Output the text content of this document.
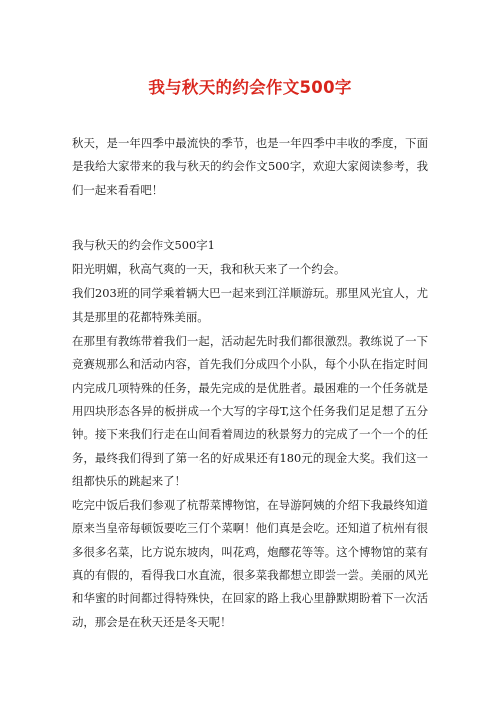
我与秋天的约会作文500字

秋天，是一年四季中最流快的季节，也是一年四季中丰收的季度，下面是我给大家带来的我与秋天的约会作文500字，欢迎大家阅读参考，我们一起来看看吧！

我与秋天的约会作文500字1

阳光明媚，秋高气爽的一天，我和秋天来了一个约会。

我们203班的同学乘着辆大巴一起来到江洋顺游玩。那里风光宜人，尤其是那里的花都特殊美丽。

在那里有教练带着我们一起，活动起先时我们都很激烈。教练说了一下竞赛规那么和活动内容，首先我们分成四个小队，每个小队在指定时间内完成几项特殊的任务，最先完成的是优胜者。最困难的一个任务就是用四块形态各异的板拼成一个大写的字母T,这个任务我们足足想了五分钟。接下来我们行走在山间看着周边的秋景努力的完成了一个一个的任务，最终我们得到了第一名的好成果还有180元的现金大奖。我们这一组都快乐的跳起来了！

吃完中饭后我们参观了杭帮菜博物馆，在导游阿姨的介绍下我最终知道原来当皇帝每顿饭要吃三仃个菜啊！他们真是会吃。还知道了杭州有很多很多名菜，比方说东坡肉，叫花鸡，炮醪花等等。这个博物馆的菜有真的有假的，看得我口水直流，很多菜我都想立即尝一尝。美丽的风光和华蜜的时间都过得特殊快，在回家的路上我心里静默期盼着下一次活动，那会是在秋天还是冬天呢！
